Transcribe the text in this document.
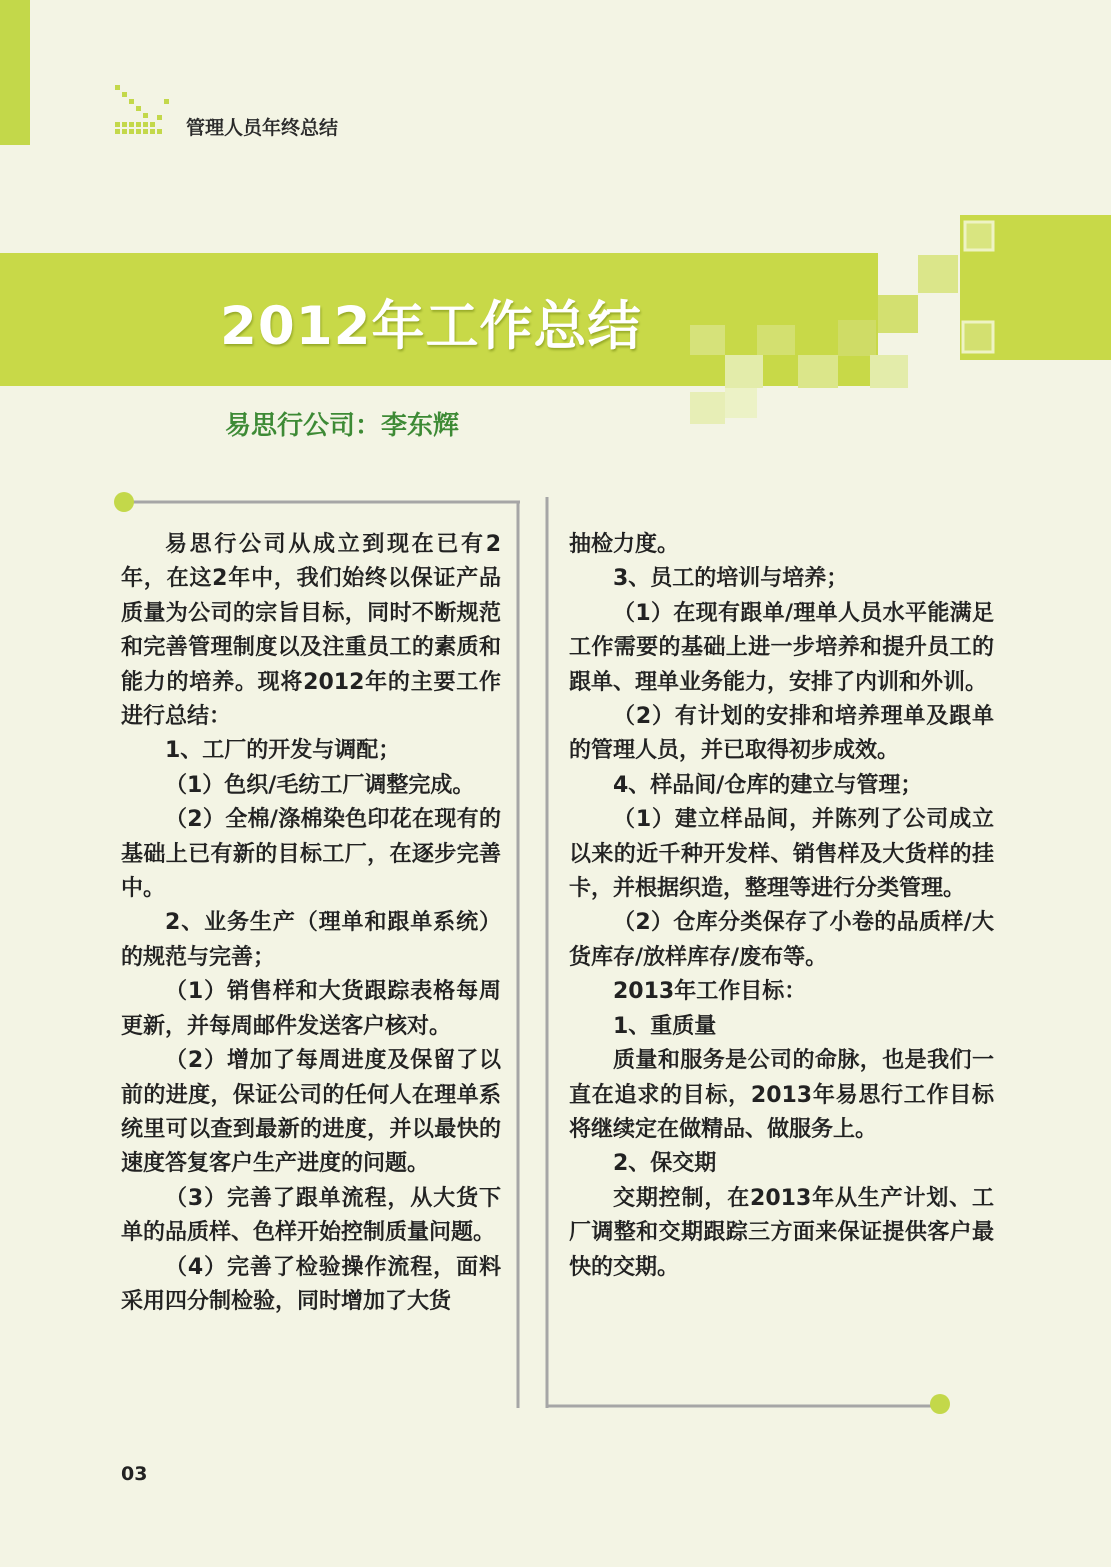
管理人员年终总结
2012年工作总结
易思行公司：李东辉

易思行公司从成立到现在已有2年，在这2年中，我们始终以保证产品质量为公司的宗旨目标，同时不断规范和完善管理制度以及注重员工的素质和能力的培养。现将2012年的主要工作进行总结：

1、工厂的开发与调配；

（1）色织/毛纺工厂调整完成。

（2）全棉/涤棉染色印花在现有的基础上已有新的目标工厂，在逐步完善中。

2、业务生产（理单和跟单系统）的规范与完善；

（1）销售样和大货跟踪表格每周更新，并每周邮件发送客户核对。

（2）增加了每周进度及保留了以前的进度，保证公司的任何人在理单系统里可以查到最新的进度，并以最快的速度答复客户生产进度的问题。

（3）完善了跟单流程，从大货下单的品质样、色样开始控制质量问题。

（4）完善了检验操作流程，面料采用四分制检验，同时增加了大货

抽检力度。

3、员工的培训与培养；

（1）在现有跟单/理单人员水平能满足工作需要的基础上进一步培养和提升员工的跟单、理单业务能力，安排了内训和外训。

（2）有计划的安排和培养理单及跟单的管理人员，并已取得初步成效。

4、样品间/仓库的建立与管理；

（1）建立样品间，并陈列了公司成立以来的近千种开发样、销售样及大货样的挂卡，并根据织造，整理等进行分类管理。

（2）仓库分类保存了小卷的品质样/大货库存/放样库存/废布等。

2013年工作目标：

1、重质量

质量和服务是公司的命脉，也是我们一直在追求的目标，2013年易思行工作目标将继续定在做精品、做服务上。

2、保交期

交期控制，在2013年从生产计划、工厂调整和交期跟踪三方面来保证提供客户最快的交期。

03
